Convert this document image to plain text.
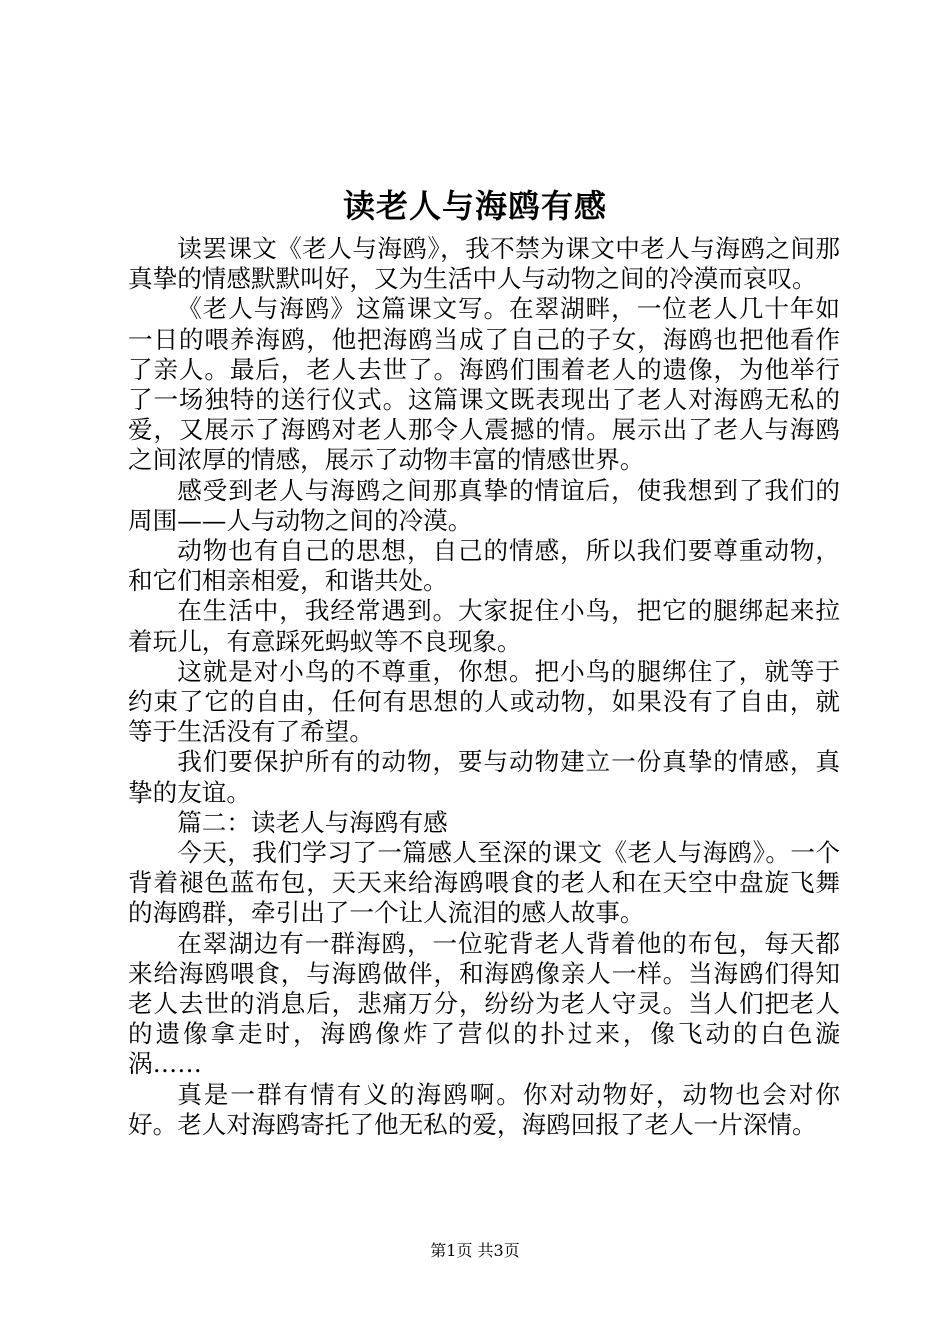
读老人与海鸥有感

读罢课文《老人与海鸥》，我不禁为课文中老人与海鸥之间那真挚的情感默默叫好，又为生活中人与动物之间的冷漠而哀叹。

《老人与海鸥》这篇课文写。在翠湖畔，一位老人几十年如一日的喂养海鸥，他把海鸥当成了自己的子女，海鸥也把他看作了亲人。最后，老人去世了。海鸥们围着老人的遗像，为他举行了一场独特的送行仪式。这篇课文既表现出了老人对海鸥无私的爱，又展示了海鸥对老人那令人震撼的情。展示出了老人与海鸥之间浓厚的情感，展示了动物丰富的情感世界。

感受到老人与海鸥之间那真挚的情谊后，使我想到了我们的周围——人与动物之间的冷漠。

动物也有自己的思想，自己的情感，所以我们要尊重动物，和它们相亲相爱，和谐共处。

在生活中，我经常遇到。大家捉住小鸟，把它的腿绑起来拉着玩儿，有意踩死蚂蚁等不良现象。

这就是对小鸟的不尊重，你想。把小鸟的腿绑住了，就等于约束了它的自由，任何有思想的人或动物，如果没有了自由，就等于生活没有了希望。

我们要保护所有的动物，要与动物建立一份真挚的情感，真挚的友谊。

篇二：读老人与海鸥有感

今天，我们学习了一篇感人至深的课文《老人与海鸥》。一个背着褪色蓝布包，天天来给海鸥喂食的老人和在天空中盘旋飞舞的海鸥群，牵引出了一个让人流泪的感人故事。

在翠湖边有一群海鸥，一位驼背老人背着他的布包，每天都来给海鸥喂食，与海鸥做伴，和海鸥像亲人一样。当海鸥们得知老人去世的消息后，悲痛万分，纷纷为老人守灵。当人们把老人的遗像拿走时，海鸥像炸了营似的扑过来，像飞动的白色漩涡……

真是一群有情有义的海鸥啊。你对动物好，动物也会对你好。老人对海鸥寄托了他无私的爱，海鸥回报了老人一片深情。

第1页 共3页
